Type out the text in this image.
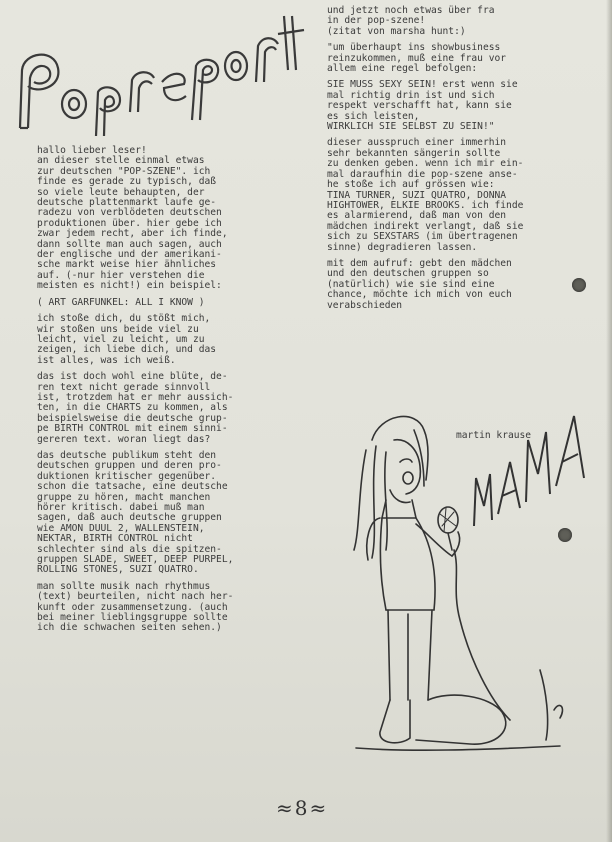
hallo lieber leser!
an dieser stelle einmal etwas
zur deutschen "POP-SZENE". ich
finde es gerade zu typisch, daß
so viele leute behaupten, der
deutsche plattenmarkt laufe ge-
radezu von verblödeten deutschen
produktionen über. hier gebe ich
zwar jedem recht, aber ich finde,
dann sollte man auch sagen, auch
der englische und der amerikani-
sche markt weise hier ähnliches
auf. (-nur hier verstehen die
meisten es nicht!) ein beispiel:

( ART GARFUNKEL: ALL I KNOW )

ich stoße dich, du stößt mich,
wir stoßen uns beide viel zu
leicht, viel zu leicht, um zu
zeigen, ich liebe dich, und das
ist alles, was ich weiß.

das ist doch wohl eine blüte, de-
ren text nicht gerade sinnvoll
ist, trotzdem hat er mehr aussich-
ten, in die CHARTS zu kommen, als
beispielsweise die deutsche grup-
pe BIRTH CONTROL mit einem sinni-
gereren text. woran liegt das?

das deutsche publikum steht den
deutschen gruppen und deren pro-
duktionen kritischer gegenüber.
schon die tatsache, eine deutsche
gruppe zu hören, macht manchen
hörer kritisch. dabei muß man
sagen, daß auch deutsche gruppen
wie AMON DUUL 2, WALLENSTEIN,
NEKTAR, BIRTH CONTROL nicht
schlechter sind als die spitzen-
gruppen SLADE, SWEET, DEEP PURPEL,
ROLLING STONES, SUZI QUATRO.

man sollte musik nach rhythmus
(text) beurteilen, nicht nach her-
kunft oder zusammensetzung. (auch
bei meiner lieblingsgruppe sollte
ich die schwachen seiten sehen.)

und jetzt noch etwas über fra
in der pop-szene!
(zitat von marsha hunt:)

"um überhaupt ins showbusiness
reinzukommen, muß eine frau vor
allem eine regel befolgen:

SIE MUSS SEXY SEIN! erst wenn sie
mal richtig drin ist und sich
respekt verschafft hat, kann sie
es sich leisten,
WIRKLICH SIE SELBST ZU SEIN!"

dieser ausspruch einer immerhin
sehr bekannten sängerin sollte
zu denken geben. wenn ich mir ein-
mal daraufhin die pop-szene anse-
he stoße ich auf grössen wie:
TINA TURNER, SUZI QUATRO, DONNA
HIGHTOWER, ELKIE BROOKS. ich finde
es alarmierend, daß man von den
mädchen indirekt verlangt, daß sie
sich zu SEXSTARS (im übertragenen
sinne) degradieren lassen.

mit dem aufruf: gebt den mädchen
und den deutschen gruppen so
(natürlich) wie sie sind eine
chance, möchte ich mich von euch
verabschieden

martin krause
≈8≈
